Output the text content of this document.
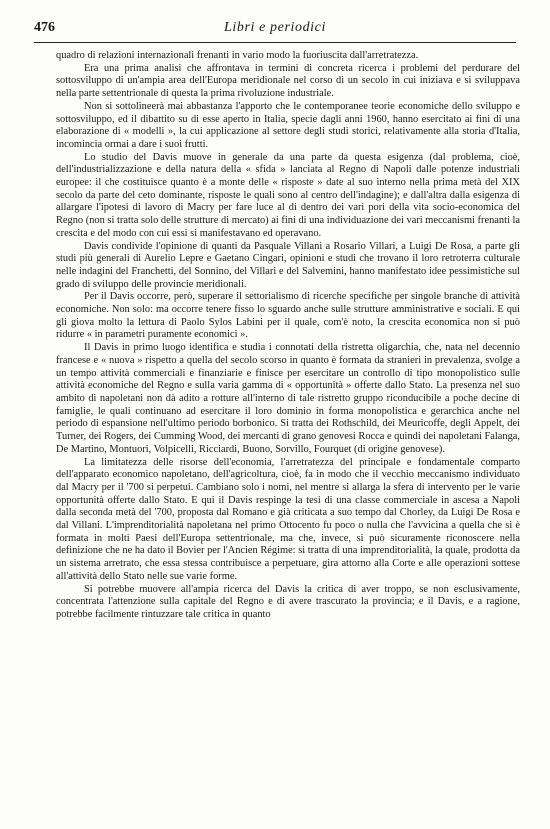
476	Libri e periodici

quadro di relazioni internazionali frenanti in vario modo la fuoriuscita dall'arretratezza.

Era una prima analisi che affrontava in termini di concreta ricerca i problemi del perdurare del sottosviluppo di un'ampia area dell'Europa meridionale nel corso di un secolo in cui iniziava e si sviluppava nella parte settentrionale di questa la prima rivoluzione industriale.

Non si sottolineerà mai abbastanza l'apporto che le contemporanee teorie economiche dello sviluppo e sottosviluppo, ed il dibattito su di esse aperto in Italia, specie dagli anni 1960, hanno esercitato ai fini di una elaborazione di « modelli », la cui applicazione al settore degli studi storici, relativamente alla storia d'Italia, incomincia ormai a dare i suoi frutti.

Lo studio del Davis muove in generale da una parte da questa esigenza (dal problema, cioè, dell'industrializzazione e della natura della « sfida » lanciata al Regno di Napoli dalle potenze industriali europee: il che costituisce quanto è a monte delle « risposte » date al suo interno nella prima metà del XIX secolo da parte del ceto dominante, risposte le quali sono al centro dell'indagine); e dall'altra dalla esigenza di allargare l'ipotesi di lavoro di Macry per fare luce al di dentro dei vari pori della vita socio-economica del Regno (non si tratta solo delle strutture di mercato) ai fini di una individuazione dei vari meccanismi frenanti la crescita e del modo con cui essi si manifestavano ed operavano.

Davis condivide l'opinione di quanti da Pasquale Villani a Rosario Villari, a Luigi De Rosa, a parte gli studi più generali di Aurelio Lepre e Gaetano Cingari, opinioni e studi che trovano il loro retroterra culturale nelle indagini del Franchetti, del Sonnino, del Villari e del Salvemini, hanno manifestato idee pessimistiche sul grado di sviluppo delle provincie meridionali.

Per il Davis occorre, però, superare il settorialismo di ricerche specifiche per singole branche di attività economiche. Non solo: ma occorre tenere fisso lo sguardo anche sulle strutture amministrative e sociali. E qui gli giova molto la lettura di Paolo Sylos Labini per il quale, com'è noto, la crescita economica non si può ridurre « in parametri puramente economici ».

Il Davis in primo luogo identifica e studia i connotati della ristretta oligarchia, che, nata nel decennio francese e « nuova » rispetto a quella del secolo scorso in quanto è formata da stranieri in prevalenza, svolge a un tempo attività commerciali e finanziarie e finisce per esercitare un controllo di tipo monopolistico sulle attività economiche del Regno e sulla varia gamma di « opportunità » offerte dallo Stato. La presenza nel suo ambito di napoletani non dà adito a rotture all'interno di tale ristretto gruppo riconducibile a poche decine di famiglie, le quali continuano ad esercitare il loro dominio in forma monopolistica e gerarchica anche nel periodo di espansione nell'ultimo periodo borbonico. Si tratta dei Rothschild, dei Meuricoffe, degli Appelt, dei Turner, dei Rogers, dei Cumming Wood, dei mercanti di grano genovesi Rocca e quindi dei napoletani Falanga, De Martino, Montuori, Volpicelli, Ricciardi, Buono, Sorvillo, Fourquet (di origine genovese).

La limitatezza delle risorse dell'economia, l'arretratezza del principale e fondamentale comparto dell'apparato economico napoletano, dell'agricoltura, cioè, fa in modo che il vecchio meccanismo individuato dal Macry per il '700 si perpetui. Cambiano solo i nomi, nel mentre si allarga la sfera di intervento per le varie opportunità offerte dallo Stato. E qui il Davis respinge la tesi di una classe commerciale in ascesa a Napoli dalla seconda metà del '700, proposta dal Romano e già criticata a suo tempo dal Chorley, da Luigi De Rosa e dal Villani. L'imprenditorialità napoletana nel primo Ottocento fu poco o nulla che l'avvicina a quella che si è formata in molti Paesi dell'Europa settentrionale, ma che, invece, si può sicuramente riconoscere nella definizione che ne ha dato il Bovier per l'Ancien Régime: si tratta di una imprenditorialità, la quale, prodotta da un sistema arretrato, che essa stessa contribuisce a perpetuare, gira attorno alla Corte e alle operazioni sottese all'attività dello Stato nelle sue varie forme.

Si potrebbe muovere all'ampia ricerca del Davis la critica di aver troppo, se non esclusivamente, concentrata l'attenzione sulla capitale del Regno e di avere trascurato la provincia; e il Davis, e a ragione, potrebbe facilmente rintuzzare tale critica in quanto
